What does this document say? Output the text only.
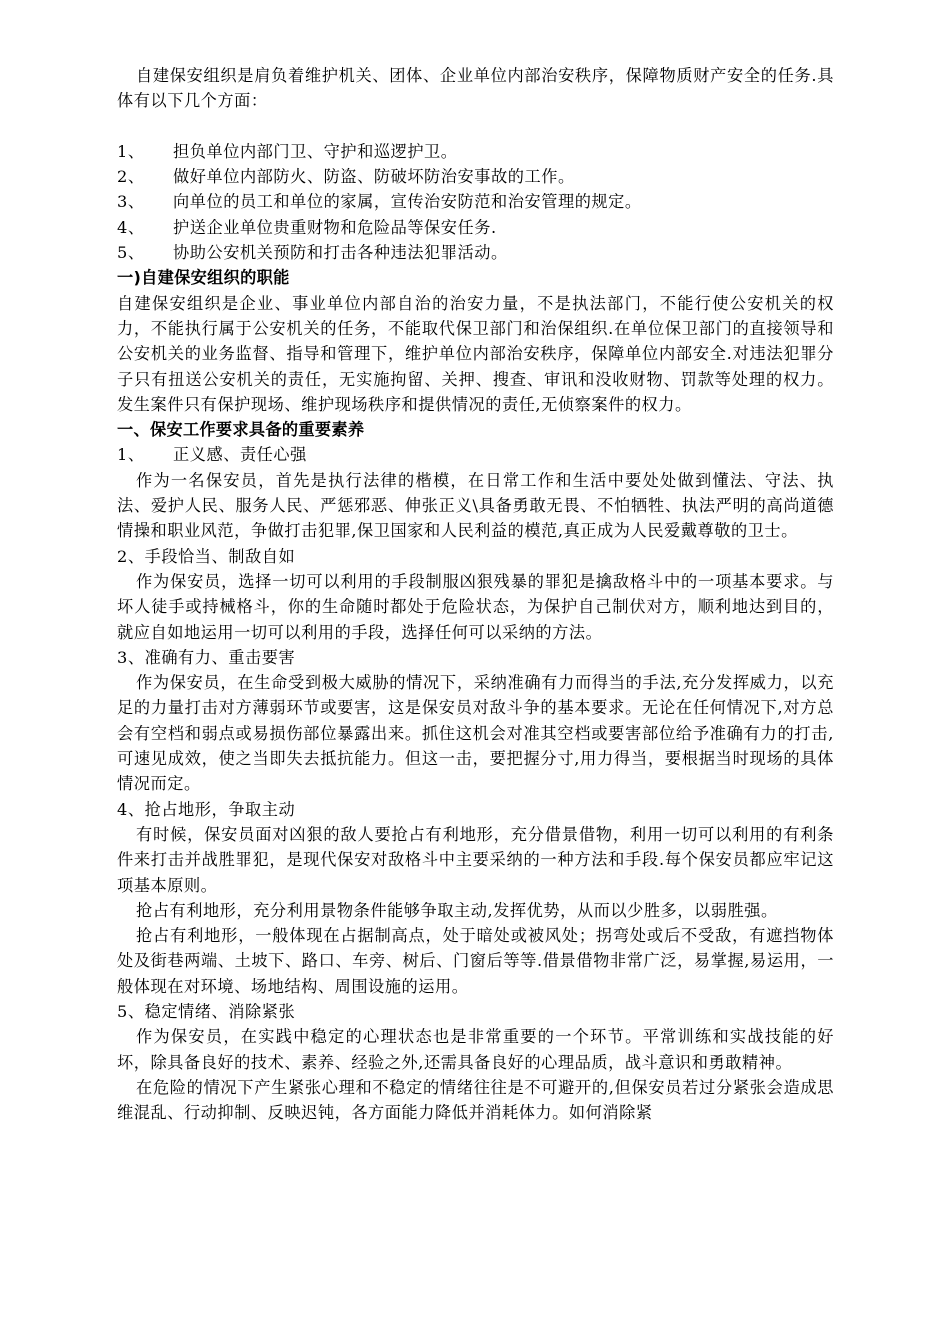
自建保安组织是肩负着维护机关、团体、企业单位内部治安秩序，保障物质财产安全的任务.具体有以下几个方面：

1、 担负单位内部门卫、守护和巡逻护卫。

2、 做好单位内部防火、防盗、防破坏防治安事故的工作。

3、 向单位的员工和单位的家属，宣传治安防范和治安管理的规定。

4、 护送企业单位贵重财物和危险品等保安任务.

5、 协助公安机关预防和打击各种违法犯罪活动。

一)自建保安组织的职能

自建保安组织是企业、事业单位内部自治的治安力量，不是执法部门，不能行使公安机关的权力，不能执行属于公安机关的任务，不能取代保卫部门和治保组织.在单位保卫部门的直接领导和公安机关的业务监督、指导和管理下，维护单位内部治安秩序，保障单位内部安全.对违法犯罪分子只有扭送公安机关的责任，无实施拘留、关押、搜查、审讯和没收财物、罚款等处理的权力。发生案件只有保护现场、维护现场秩序和提供情况的责任,无侦察案件的权力。

一、保安工作要求具备的重要素养

1、 正义感、责任心强

作为一名保安员，首先是执行法律的楷模，在日常工作和生活中要处处做到懂法、守法、执法、爱护人民、服务人民、严惩邪恶、伸张正义\具备勇敢无畏、不怕牺牲、执法严明的高尚道德情操和职业风范，争做打击犯罪,保卫国家和人民利益的模范,真正成为人民爱戴尊敬的卫士。

2、手段恰当、制敌自如

作为保安员，选择一切可以利用的手段制服凶狠残暴的罪犯是擒敌格斗中的一项基本要求。与坏人徒手或持械格斗，你的生命随时都处于危险状态，为保护自己制伏对方，顺利地达到目的，就应自如地运用一切可以利用的手段，选择任何可以采纳的方法。

3、准确有力、重击要害

作为保安员，在生命受到极大威胁的情况下，采纳准确有力而得当的手法,充分发挥威力，以充足的力量打击对方薄弱环节或要害，这是保安员对敌斗争的基本要求。无论在任何情况下,对方总会有空档和弱点或易损伤部位暴露出来。抓住这机会对准其空档或要害部位给予准确有力的打击,可速见成效，使之当即失去抵抗能力。但这一击，要把握分寸,用力得当，要根据当时现场的具体情况而定。

4、抢占地形，争取主动

有时候，保安员面对凶狠的敌人要抢占有利地形，充分借景借物，利用一切可以利用的有利条件来打击并战胜罪犯，是现代保安对敌格斗中主要采纳的一种方法和手段.每个保安员都应牢记这项基本原则。

抢占有利地形，充分利用景物条件能够争取主动,发挥优势，从而以少胜多，以弱胜强。

抢占有利地形，一般体现在占据制高点，处于暗处或被风处；拐弯处或后不受敌，有遮挡物体处及街巷两端、土坡下、路口、车旁、树后、门窗后等等.借景借物非常广泛，易掌握,易运用，一般体现在对环境、场地结构、周围设施的运用。

5、稳定情绪、消除紧张

作为保安员，在实践中稳定的心理状态也是非常重要的一个环节。平常训练和实战技能的好坏，除具备良好的技术、素养、经验之外,还需具备良好的心理品质，战斗意识和勇敢精神。

在危险的情况下产生紧张心理和不稳定的情绪往往是不可避开的,但保安员若过分紧张会造成思维混乱、行动抑制、反映迟钝，各方面能力降低并消耗体力。如何消除紧
